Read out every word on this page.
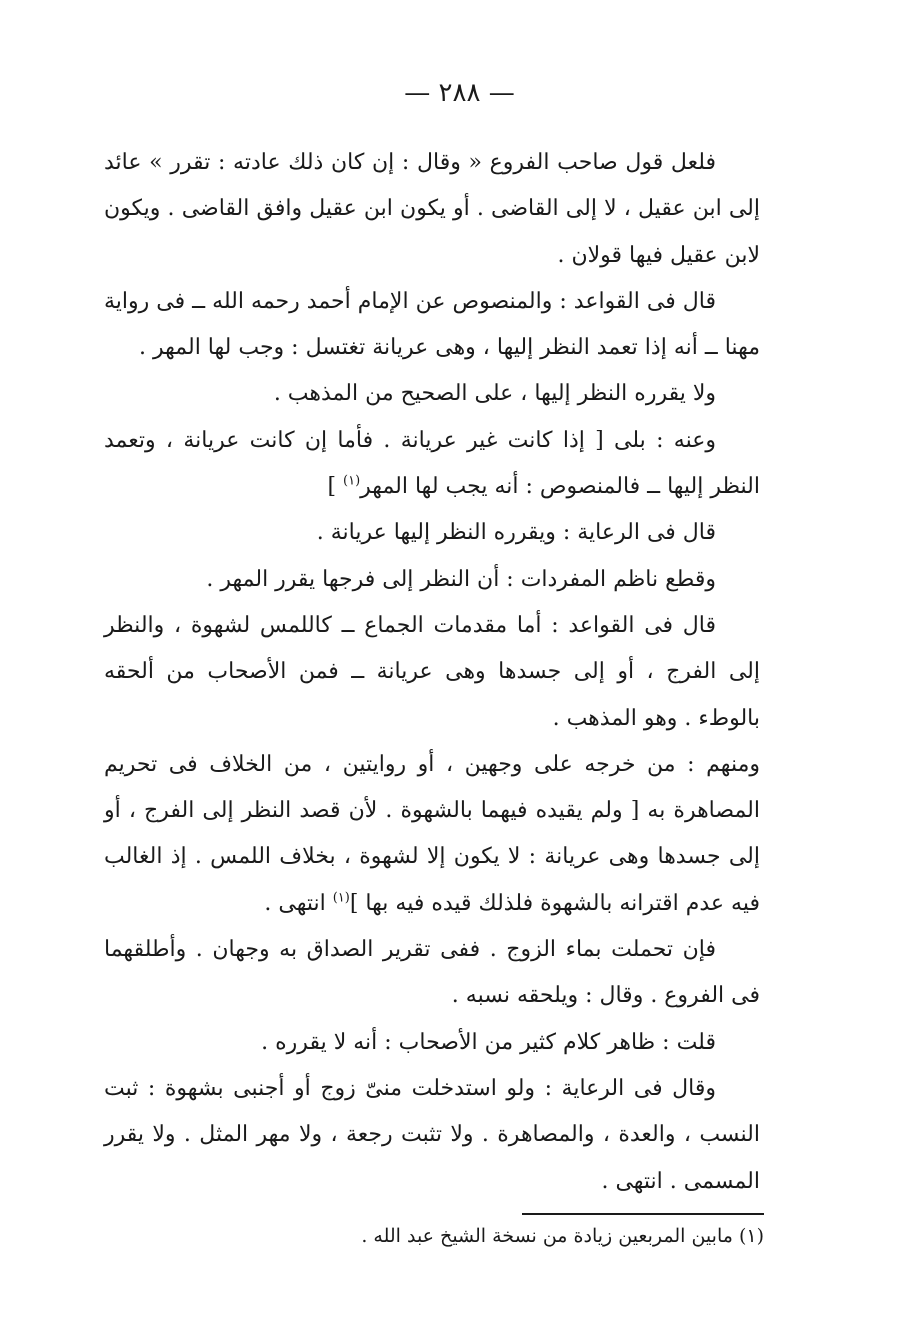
— ٢٨٨ —

فلعل قول صاحب الفروع « وقال : إن كان ذلك عادته : تقرر » عائد إلى ابن عقيل ، لا إلى القاضى . أو يكون ابن عقيل وافق القاضى . ويكون لابن عقيل فيها قولان .

قال فى القواعد : والمنصوص عن الإمام أحمد رحمه الله ــ فى رواية مهنا ــ أنه إذا تعمد النظر إليها ، وهى عريانة تغتسل : وجب لها المهر .

ولا يقرره النظر إليها ، على الصحيح من المذهب .

وعنه : بلى [ إذا كانت غير عريانة . فأما إن كانت عريانة ، وتعمد النظر إليها ــ فالمنصوص : أنه يجب لها المهر$^{(١)}$ ]

قال فى الرعاية : ويقرره النظر إليها عريانة .

وقطع ناظم المفردات : أن النظر إلى فرجها يقرر المهر .

قال فى القواعد : أما مقدمات الجماع ــ كاللمس لشهوة ، والنظر إلى الفرج ، أو إلى جسدها وهى عريانة ــ فمن الأصحاب من ألحقه بالوطء . وهو المذهب .

ومنهم : من خرجه على وجهين ، أو روايتين ، من الخلاف فى تحريم المصاهرة به [ ولم يقيده فيهما بالشهوة . لأن قصد النظر إلى الفرج ، أو إلى جسدها وهى عريانة : لا يكون إلا لشهوة ، بخلاف اللمس . إذ الغالب فيه عدم اقترانه بالشهوة فلذلك قيده فيه بها ]$^{(١)}$ انتهى .

فإن تحملت بماء الزوج . ففى تقرير الصداق به وجهان . وأطلقهما فى الفروع . وقال : ويلحقه نسبه .

قلت : ظاهر كلام كثير من الأصحاب : أنه لا يقرره .

وقال فى الرعاية : ولو استدخلت منىّ زوج أو أجنبى بشهوة : ثبت النسب ، والعدة ، والمصاهرة . ولا تثبت رجعة ، ولا مهر المثل . ولا يقرر المسمى . انتهى .

(١) مابين المربعين زيادة من نسخة الشيخ عبد الله .
